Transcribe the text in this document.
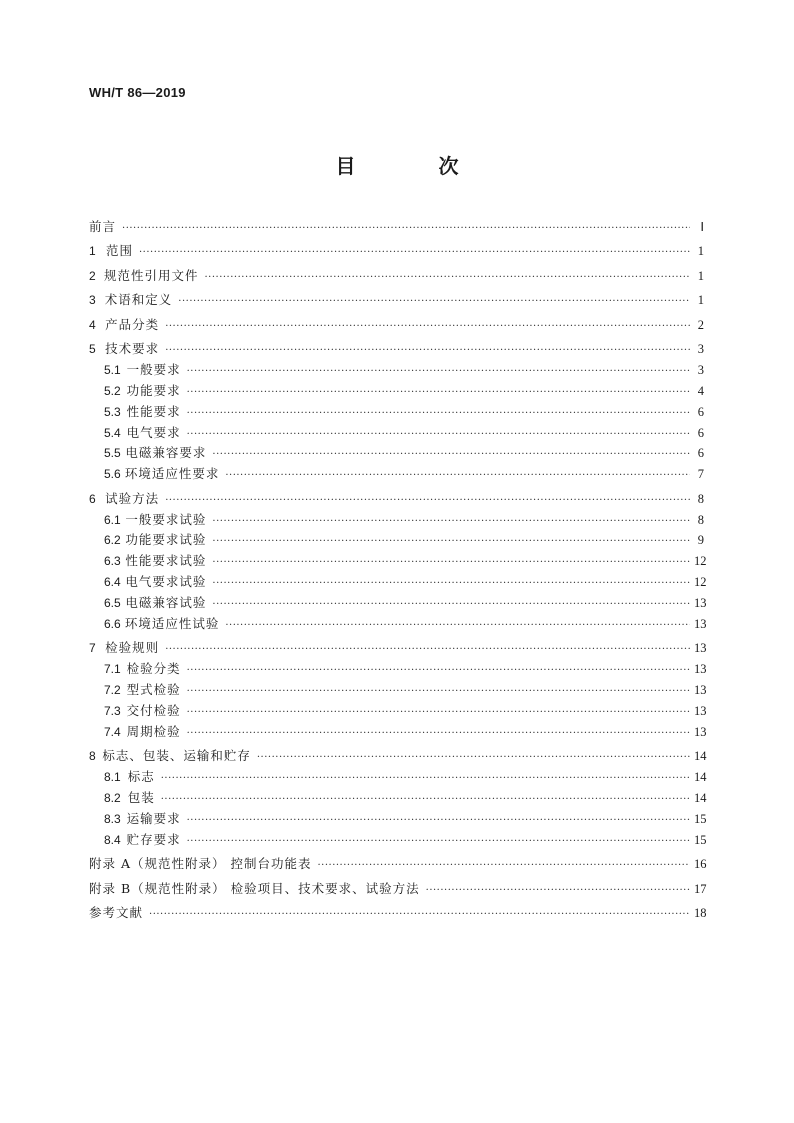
WH/T 86—2019
目 次
前言 ·····	Ⅰ
1 范围 ·····	1
2 规范性引用文件 ·····	1
3 术语和定义 ·····	1
4 产品分类 ·····	2
5 技术要求 ·····	3
5.1 一般要求 ·····	3
5.2 功能要求 ·····	4
5.3 性能要求 ·····	6
5.4 电气要求 ·····	6
5.5 电磁兼容要求 ·····	6
5.6 环境适应性要求 ·····	7
6 试验方法 ·····	8
6.1 一般要求试验 ·····	8
6.2 功能要求试验 ·····	9
6.3 性能要求试验 ·····	12
6.4 电气要求试验 ·····	12
6.5 电磁兼容试验 ·····	13
6.6 环境适应性试验 ·····	13
7 检验规则 ·····	13
7.1 检验分类 ·····	13
7.2 型式检验 ·····	13
7.3 交付检验 ·····	13
7.4 周期检验 ·····	13
8 标志、包装、运输和贮存 ·····	14
8.1 标志 ·····	14
8.2 包装 ·····	14
8.3 运输要求 ·····	15
8.4 贮存要求 ·····	15
附录 A（规范性附录） 控制台功能表 ·····	16
附录 B（规范性附录） 检验项目、技术要求、试验方法 ·····	17
参考文献 ·····	18
